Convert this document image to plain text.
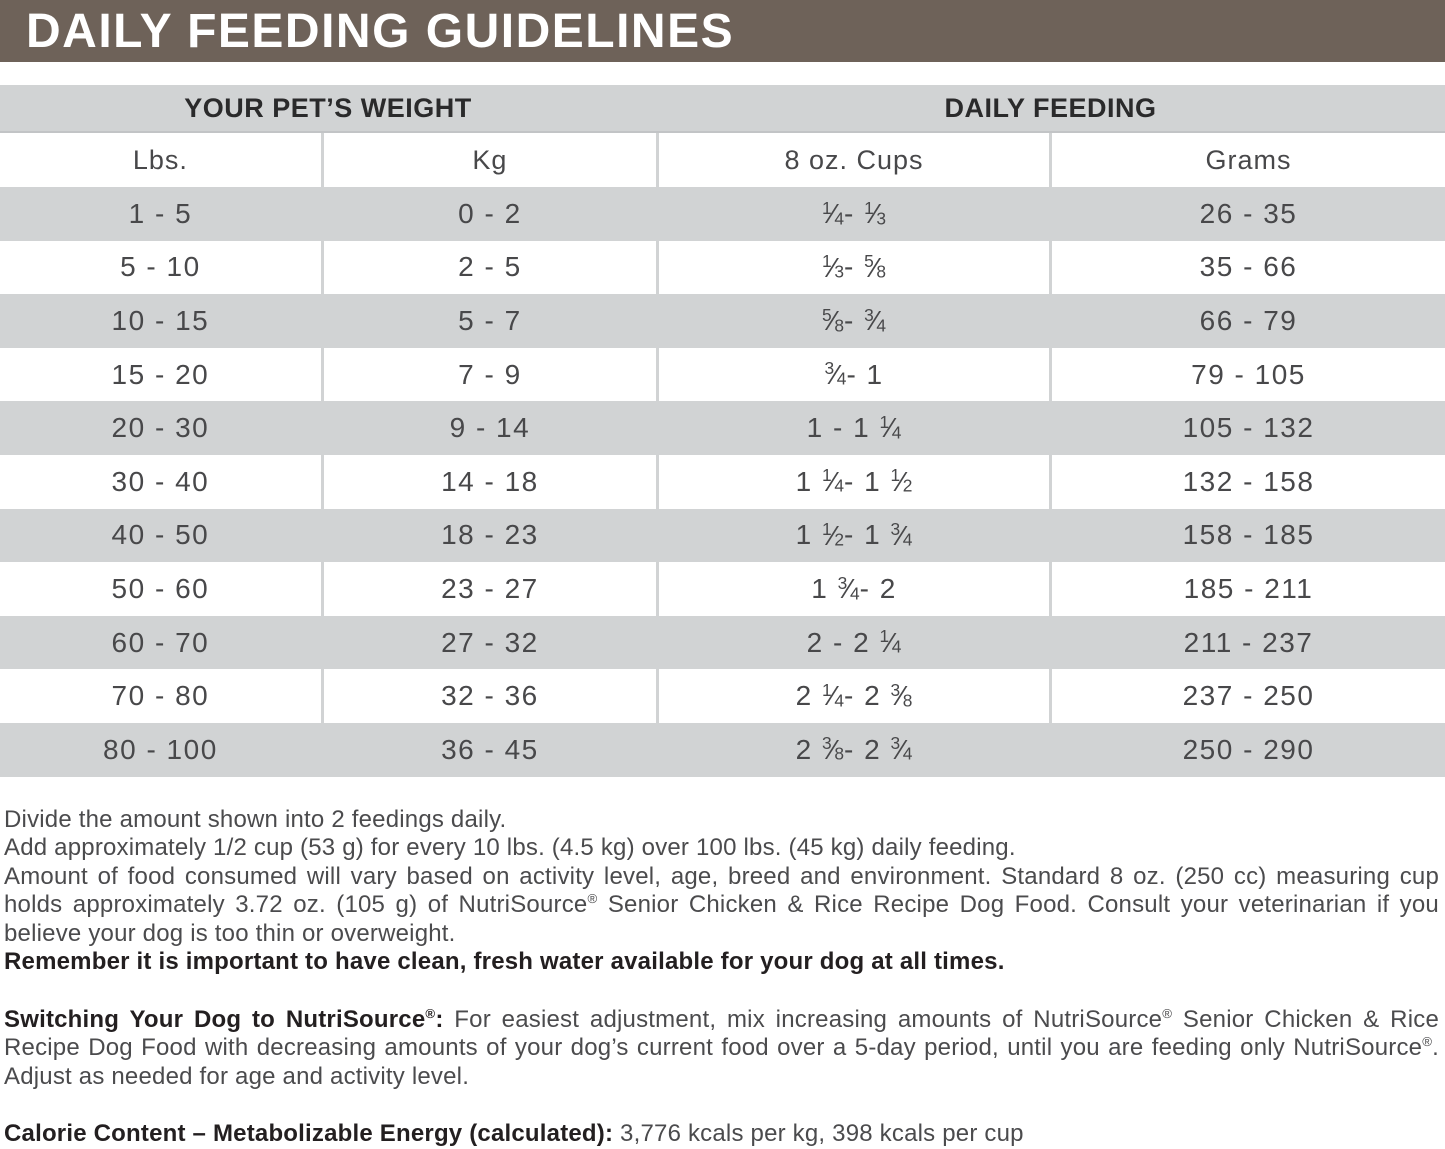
DAILY FEEDING GUIDELINES
YOUR PET’S WEIGHT	DAILY FEEDING
Lbs.	Kg	8 oz. Cups	Grams
1 - 5	0 - 2	$^1$⁄4 - $^1$⁄3	26 - 35
5 - 10	2 - 5	$^1$⁄3 - $^5$⁄8	35 - 66
10 - 15	5 - 7	$^5$⁄8 - $^3$⁄4	66 - 79
15 - 20	7 - 9	$^3$⁄4 - 1	79 - 105
20 - 30	9 - 14	1 - 1 $^1$⁄4	105 - 132
30 - 40	14 - 18	1 $^1$⁄4 - 1 $^1$⁄2	132 - 158
40 - 50	18 - 23	1 $^1$⁄2 - 1 $^3$⁄4	158 - 185
50 - 60	23 - 27	1 $^3$⁄4 - 2	185 - 211
60 - 70	27 - 32	2 - 2 $^1$⁄4	211 - 237
70 - 80	32 - 36	2 $^1$⁄4 - 2 $^3$⁄8	237 - 250
80 - 100	36 - 45	2 $^3$⁄8 - 2 $^3$⁄4	250 - 290

Divide the amount shown into 2 feedings daily.

Add approximately 1/2 cup (53 g) for every 10 lbs. (4.5 kg) over 100 lbs. (45 kg) daily feeding.

Amount of food consumed will vary based on activity level, age, breed and environment. Standard 8 oz. (250 cc) measuring cup holds approximately 3.72 oz. (105 g) of NutriSource® Senior Chicken & Rice Recipe Dog Food. Consult your veterinarian if you believe your dog is too thin or overweight.

Remember it is important to have clean, fresh water available for your dog at all times.

Switching Your Dog to NutriSource®: For easiest adjustment, mix increasing amounts of NutriSource® Senior Chicken & Rice Recipe Dog Food with decreasing amounts of your dog’s current food over a 5-day period, until you are feeding only NutriSource®. Adjust as needed for age and activity level.

Calorie Content – Metabolizable Energy (calculated): 3,776 kcals per kg, 398 kcals per cup
